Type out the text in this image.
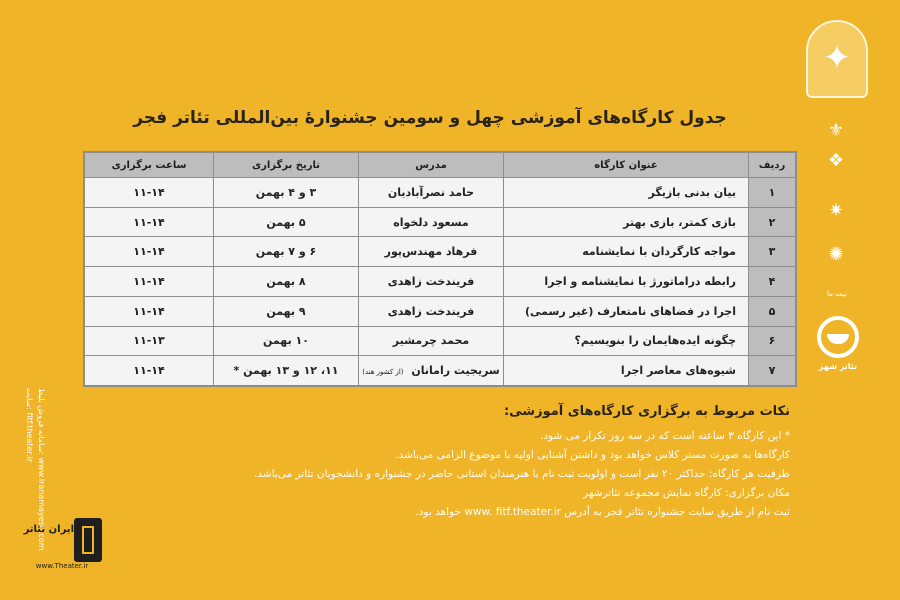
✦
⚜
❖
✷
✺
بیمه ما
تئاتر شهر
جدول کارگاه‌های آموزشی چهل و سومین جشنوارهٔ بین‌المللی تئاتر فجر
ردیف	عنوان کارگاه	مدرس	تاریخ برگزاری	ساعت برگزاری
۱	بیان بدنی بازیگر	حامد نصرآبادیان	۳ و ۴ بهمن	۱۱-۱۴
۲	بازی کمتر، بازی بهتر	مسعود دلخواه	۵ بهمن	۱۱-۱۴
۳	مواجه کارگردان با نمایشنامه	فرهاد مهندس‌پور	۶ و ۷ بهمن	۱۱-۱۴
۴	رابطه دراماتورژ با نمایشنامه و اجرا	فریندخت زاهدی	۸ بهمن	۱۱-۱۴
۵	اجرا در فضاهای نامتعارف (غیر رسمی)	فریندخت زاهدی	۹ بهمن	۱۱-۱۴
۶	چگونه ایده‌هایمان را بنویسیم؟	محمد چرمشیر	۱۰ بهمن	۱۱-۱۳
۷	شیوه‌های معاصر اجرا	سریجیت رامانان (از کشور هند)	۱۱، ۱۲ و ۱۳ بهمن *	۱۱-۱۴
نکات مربوط به برگزاری کارگاه‌های آموزشی:
* این کارگاه ۳ ساعته است که در سه روز تکرار می شود.
کارگاه‌ها به صورت مستر کلاس خواهد بود و داشتن آشنایی اولیه با موضوع الزامی می‌باشد.
ظرفیت هر کارگاه: حداکثر ۲۰ نفر است و اولویت ثبت نام با هنرمندان استانی حاضر در جشنواره و دانشجویان تئاتر می‌باشد.
مکان برگزاری: کارگاه نمایش مجموعه تئاترشهر
ثبت نام از طریق سایت جشنواره تئاتر فجر به آدرس www. fitf.theater.ir خواهد بود.
سایت: fitf.theater.ir سامانه فروش بلیط: www.iranamayesh.com
ایران تئاتر
www.Theater.ir
